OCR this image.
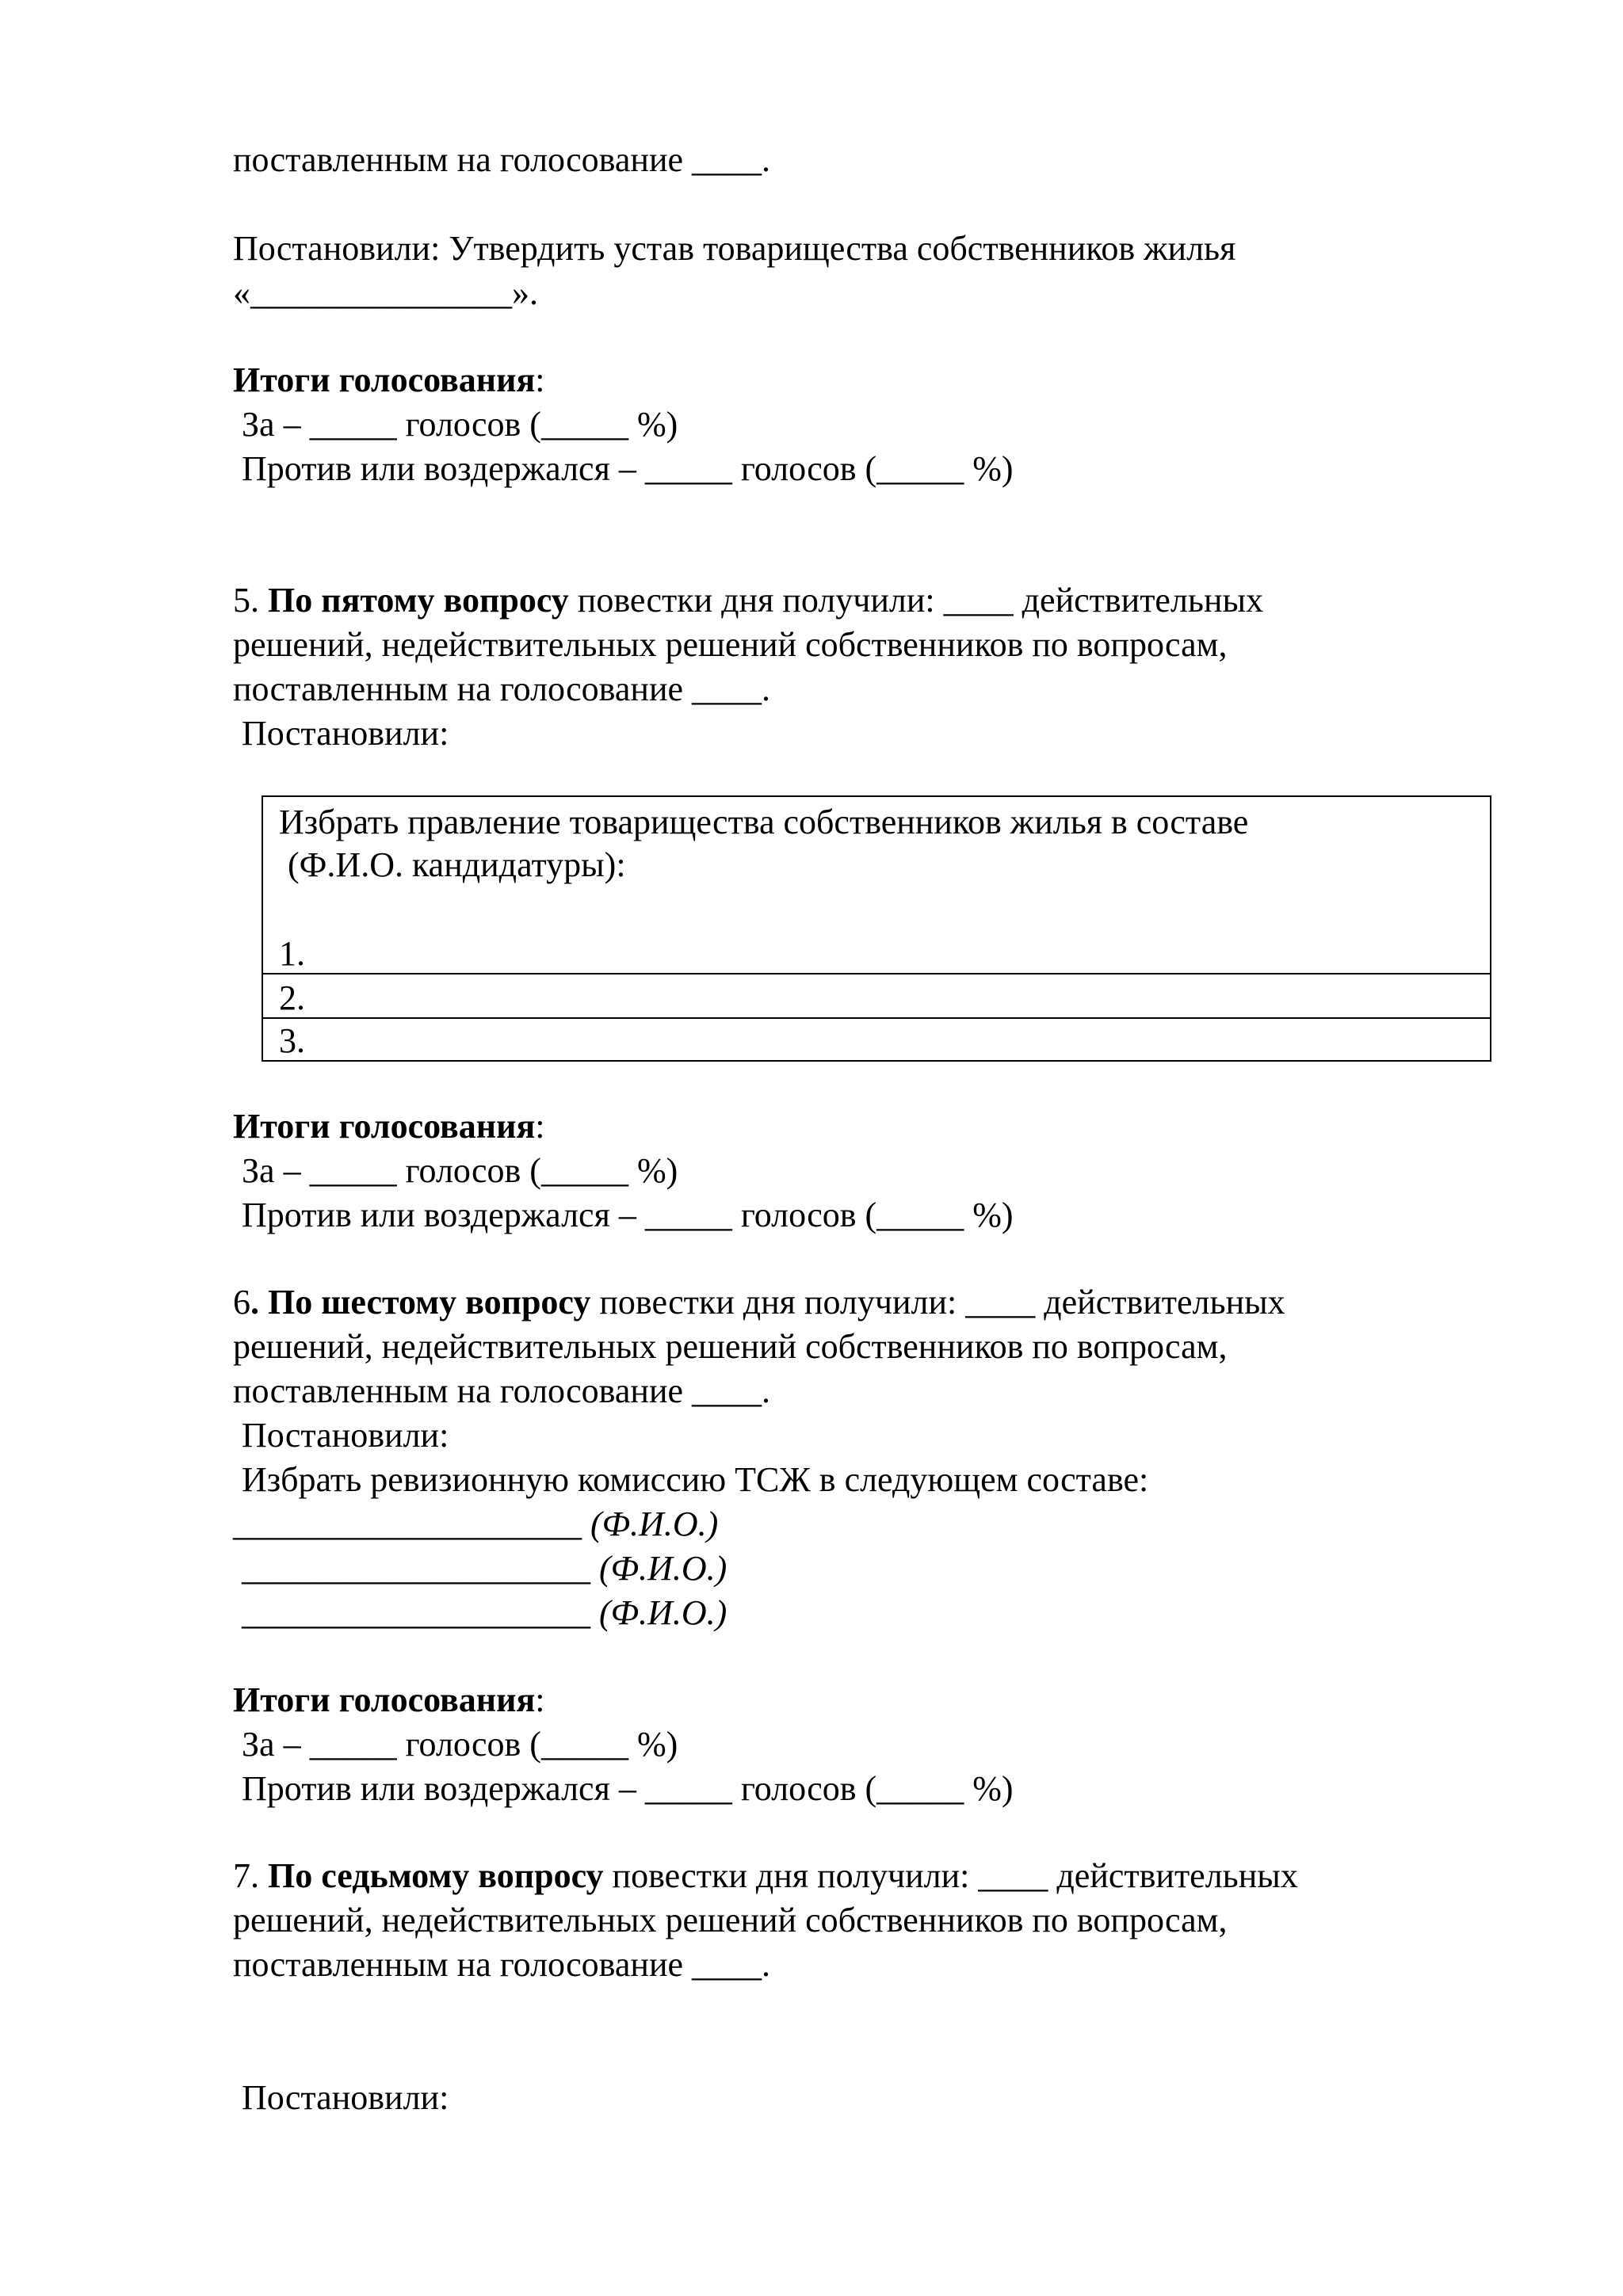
поставленным на голосование ____.
Постановили: Утвердить устав товарищества собственников жилья
«_______________».
Итоги голосования:
За – _____ голосов (_____ %)
Против или воздержался – _____ голосов (_____ %)
5. По пятому вопросу повестки дня получили: ____ действительных
решений, недействительных решений собственников по вопросам,
поставленным на голосование ____.
Постановили:
Избрать правление товарищества собственников жилья в составе
(Ф.И.О. кандидатуры):
1.
2.
3.
Итоги голосования:
За – _____ голосов (_____ %)
Против или воздержался – _____ голосов (_____ %)
6. По шестому вопросу повестки дня получили: ____ действительных
решений, недействительных решений собственников по вопросам,
поставленным на голосование ____.
Постановили:
Избрать ревизионную комиссию ТСЖ в следующем составе:
____________________ (Ф.И.О.)
____________________ (Ф.И.О.)
____________________ (Ф.И.О.)
Итоги голосования:
За – _____ голосов (_____ %)
Против или воздержался – _____ голосов (_____ %)
7. По седьмому вопросу повестки дня получили: ____ действительных
решений, недействительных решений собственников по вопросам,
поставленным на голосование ____.
Постановили:
